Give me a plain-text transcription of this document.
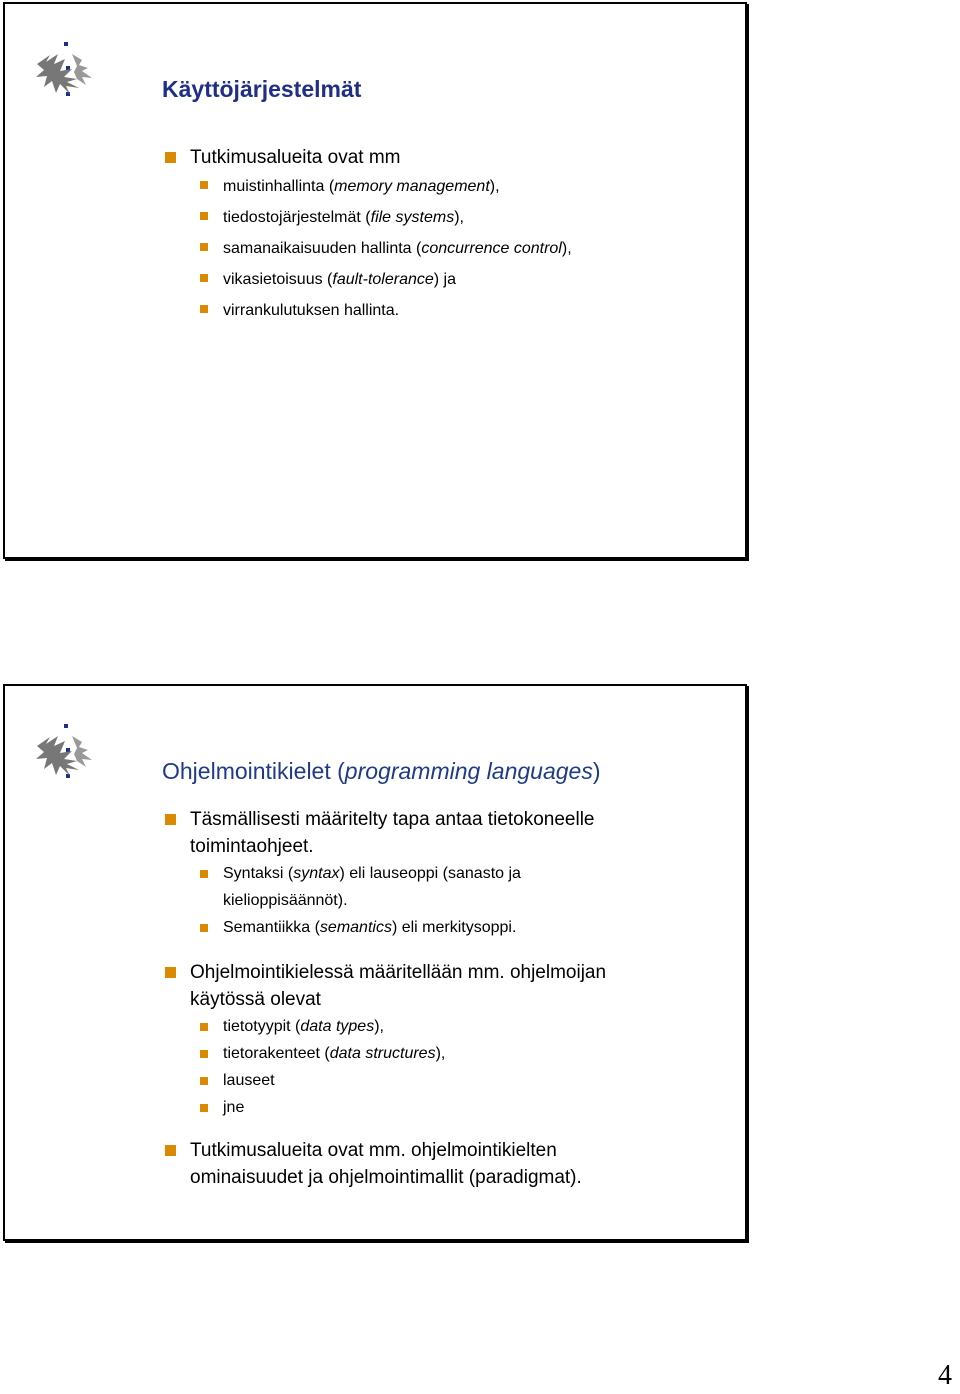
Käyttöjärjestelmät
Tutkimusalueita ovat mm
muistinhallinta (memory management),
tiedostojärjestelmät (file systems),
samanaikaisuuden hallinta (concurrence control),
vikasietoisuus (fault-tolerance) ja
virrankulutuksen hallinta.
Ohjelmointikielet (programming languages)
Täsmällisesti määritelty tapa antaa tietokoneelle
toimintaohjeet.
Syntaksi (syntax) eli lauseoppi (sanasto ja
kielioppisäännöt).
Semantiikka (semantics) eli merkitysoppi.
Ohjelmointikielessä määritellään mm. ohjelmoijan
käytössä olevat
tietotyypit (data types),
tietorakenteet (data structures),
lauseet
jne
Tutkimusalueita ovat mm. ohjelmointikielten
ominaisuudet ja ohjelmointimallit (paradigmat).
4
